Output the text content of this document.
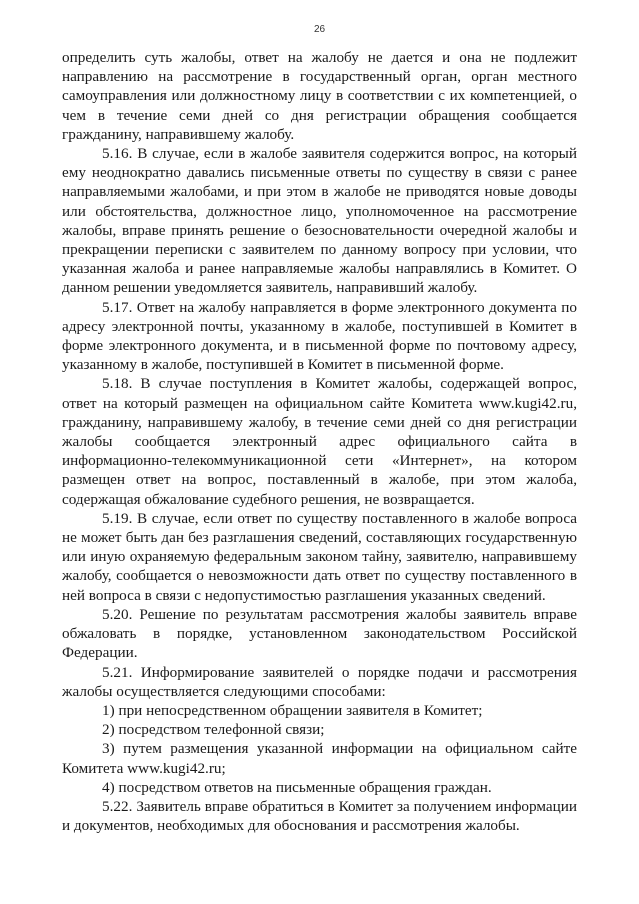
26

определить суть жалобы, ответ на жалобу не дается и она не подлежит направлению на рассмотрение в государственный орган, орган местного самоуправления или должностному лицу в соответствии с их компетенцией, о чем в течение семи дней со дня регистрации обращения сообщается гражданину, направившему жалобу.

5.16. В случае, если в жалобе заявителя содержится вопрос, на который ему неоднократно давались письменные ответы по существу в связи с ранее направляемыми жалобами, и при этом в жалобе не приводятся новые доводы или обстоятельства, должностное лицо, уполномоченное на рассмотрение жалобы, вправе принять решение о безосновательности очередной жалобы и прекращении переписки с заявителем по данному вопросу при условии, что указанная жалоба и ранее направляемые жалобы направлялись в Комитет. О данном решении уведомляется заявитель, направивший жалобу.

5.17. Ответ на жалобу направляется в форме электронного документа по адресу электронной почты, указанному в жалобе, поступившей в Комитет в форме электронного документа, и в письменной форме по почтовому адресу, указанному в жалобе, поступившей в Комитет в письменной форме.

5.18. В случае поступления в Комитет жалобы, содержащей вопрос, ответ на который размещен на официальном сайте Комитета www.kugi42.ru, гражданину, направившему жалобу, в течение семи дней со дня регистрации жалобы сообщается электронный адрес официального сайта в информационно-телекоммуникационной сети «Интернет», на котором размещен ответ на вопрос, поставленный в жалобе, при этом жалоба, содержащая обжалование судебного решения, не возвращается.

5.19. В случае, если ответ по существу поставленного в жалобе вопроса не может быть дан без разглашения сведений, составляющих государственную или иную охраняемую федеральным законом тайну, заявителю, направившему жалобу, сообщается о невозможности дать ответ по существу поставленного в ней вопроса в связи с недопустимостью разглашения указанных сведений.

5.20. Решение по результатам рассмотрения жалобы заявитель вправе обжаловать в порядке, установленном законодательством Российской Федерации.

5.21. Информирование заявителей о порядке подачи и рассмотрения жалобы осуществляется следующими способами:

1) при непосредственном обращении заявителя в Комитет;

2) посредством телефонной связи;

3) путем размещения указанной информации на официальном сайте Комитета www.kugi42.ru;

4) посредством ответов на письменные обращения граждан.

5.22. Заявитель вправе обратиться в Комитет за получением информации и документов, необходимых для обоснования и рассмотрения жалобы.
